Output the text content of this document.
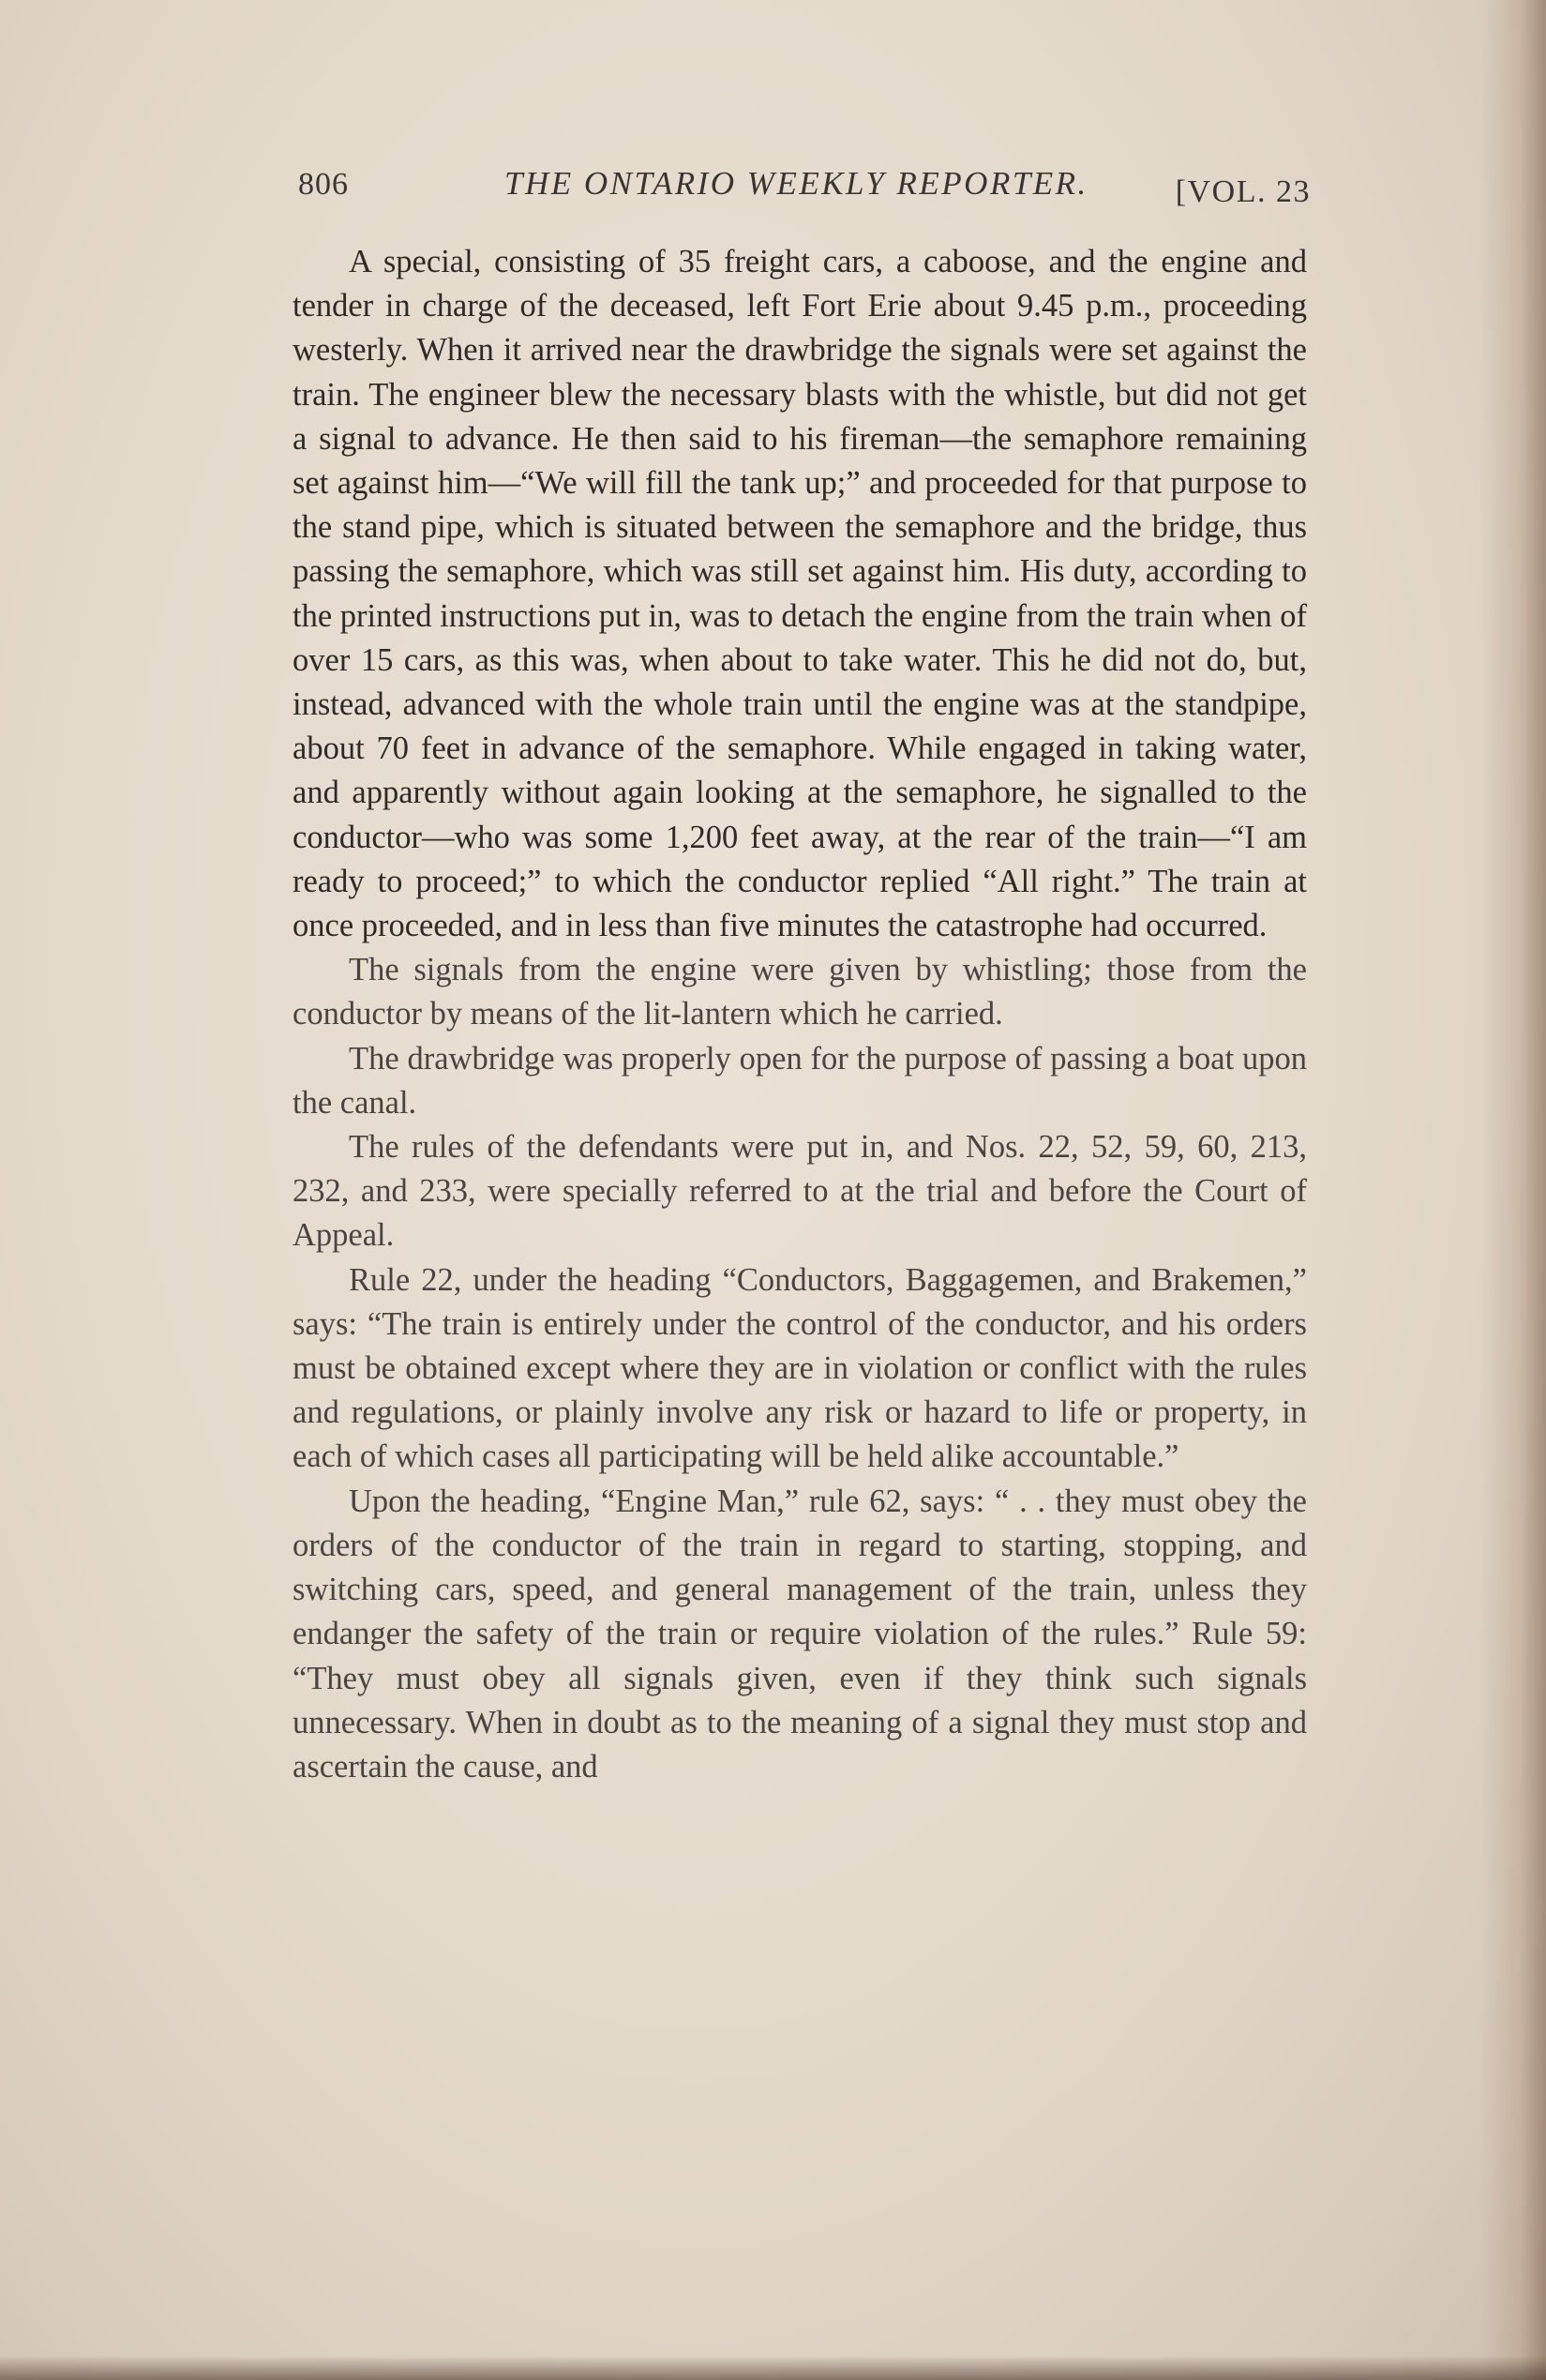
806	THE ONTARIO WEEKLY REPORTER.	[VOL. 23

A special, consisting of 35 freight cars, a caboose, and the engine and tender in charge of the deceased, left Fort Erie about 9.45 p.m., proceeding westerly. When it arrived near the drawbridge the signals were set against the train. The engineer blew the necessary blasts with the whistle, but did not get a signal to advance. He then said to his fireman—the semaphore remaining set against him—“We will fill the tank up;” and proceeded for that purpose to the stand pipe, which is situated between the semaphore and the bridge, thus passing the semaphore, which was still set against him. His duty, according to the printed instructions put in, was to detach the engine from the train when of over 15 cars, as this was, when about to take water. This he did not do, but, instead, advanced with the whole train until the engine was at the standpipe, about 70 feet in advance of the semaphore. While engaged in taking water, and apparently without again looking at the semaphore, he signalled to the conductor—who was some 1,200 feet away, at the rear of the train—“I am ready to proceed;” to which the conductor replied “All right.” The train at once proceeded, and in less than five minutes the catastrophe had occurred.

The signals from the engine were given by whistling; those from the conductor by means of the lit-lantern which he carried.

The drawbridge was properly open for the purpose of passing a boat upon the canal.

The rules of the defendants were put in, and Nos. 22, 52, 59, 60, 213, 232, and 233, were specially referred to at the trial and before the Court of Appeal.

Rule 22, under the heading “Conductors, Baggagemen, and Brakemen,” says: “The train is entirely under the control of the conductor, and his orders must be obtained except where they are in violation or conflict with the rules and regulations, or plainly involve any risk or hazard to life or property, in each of which cases all participating will be held alike accountable.”

Upon the heading, “Engine Man,” rule 62, says: “ . . they must obey the orders of the conductor of the train in regard to starting, stopping, and switching cars, speed, and general management of the train, unless they endanger the safety of the train or require violation of the rules.” Rule 59: “They must obey all signals given, even if they think such signals unnecessary. When in doubt as to the meaning of a signal they must stop and ascertain the cause, and
